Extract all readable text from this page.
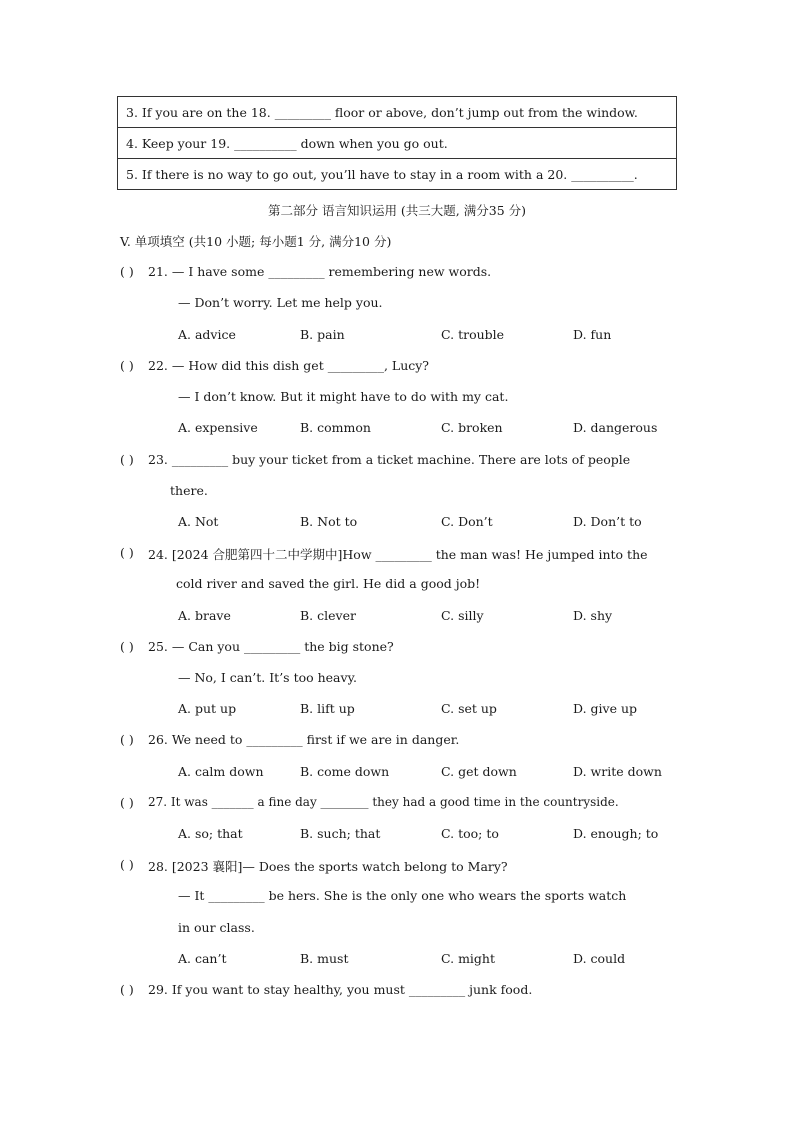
3. If you are on the 18. _________ floor or above, don’t jump out from the window.
4. Keep your 19. __________ down when you go out.
5. If there is no way to go out, you’ll have to stay in a room with a 20. __________.
第二部分 语言知识运用 (共三大题, 满分35 分)
V. 单项填空 (共10 小题; 每小题1 分, 满分10 分)
( ) 21. — I have some _________ remembering new words.
— Don’t worry. Let me help you.
A. advice	B. pain	C. trouble	D. fun
( ) 22. — How did this dish get _________, Lucy?
— I don’t know. But it might have to do with my cat.
A. expensive	B. common	C. broken	D. dangerous
( ) 23. _________ buy your ticket from a ticket machine. There are lots of people
there.
A. Not	B. Not to	C. Don’t	D. Don’t to
( ) 24. [2024 合肥第四十二中学期中]How _________ the man was! He jumped into the
cold river and saved the girl. He did a good job!
A. brave	B. clever	C. silly	D. shy
( ) 25. — Can you _________ the big stone?
— No, I can’t. It’s too heavy.
A. put up	B. lift up	C. set up	D. give up
( ) 26. We need to _________ first if we are in danger.
A. calm down	B. come down	C. get down	D. write down
( ) 27. It was _______ a fine day ________ they had a good time in the countryside.
A. so; that	B. such; that	C. too; to	D. enough; to
( ) 28. [2023 襄阳]— Does the sports watch belong to Mary?
— It _________ be hers. She is the only one who wears the sports watch
in our class.
A. can’t	B. must	C. might	D. could
( ) 29. If you want to stay healthy, you must _________ junk food.
